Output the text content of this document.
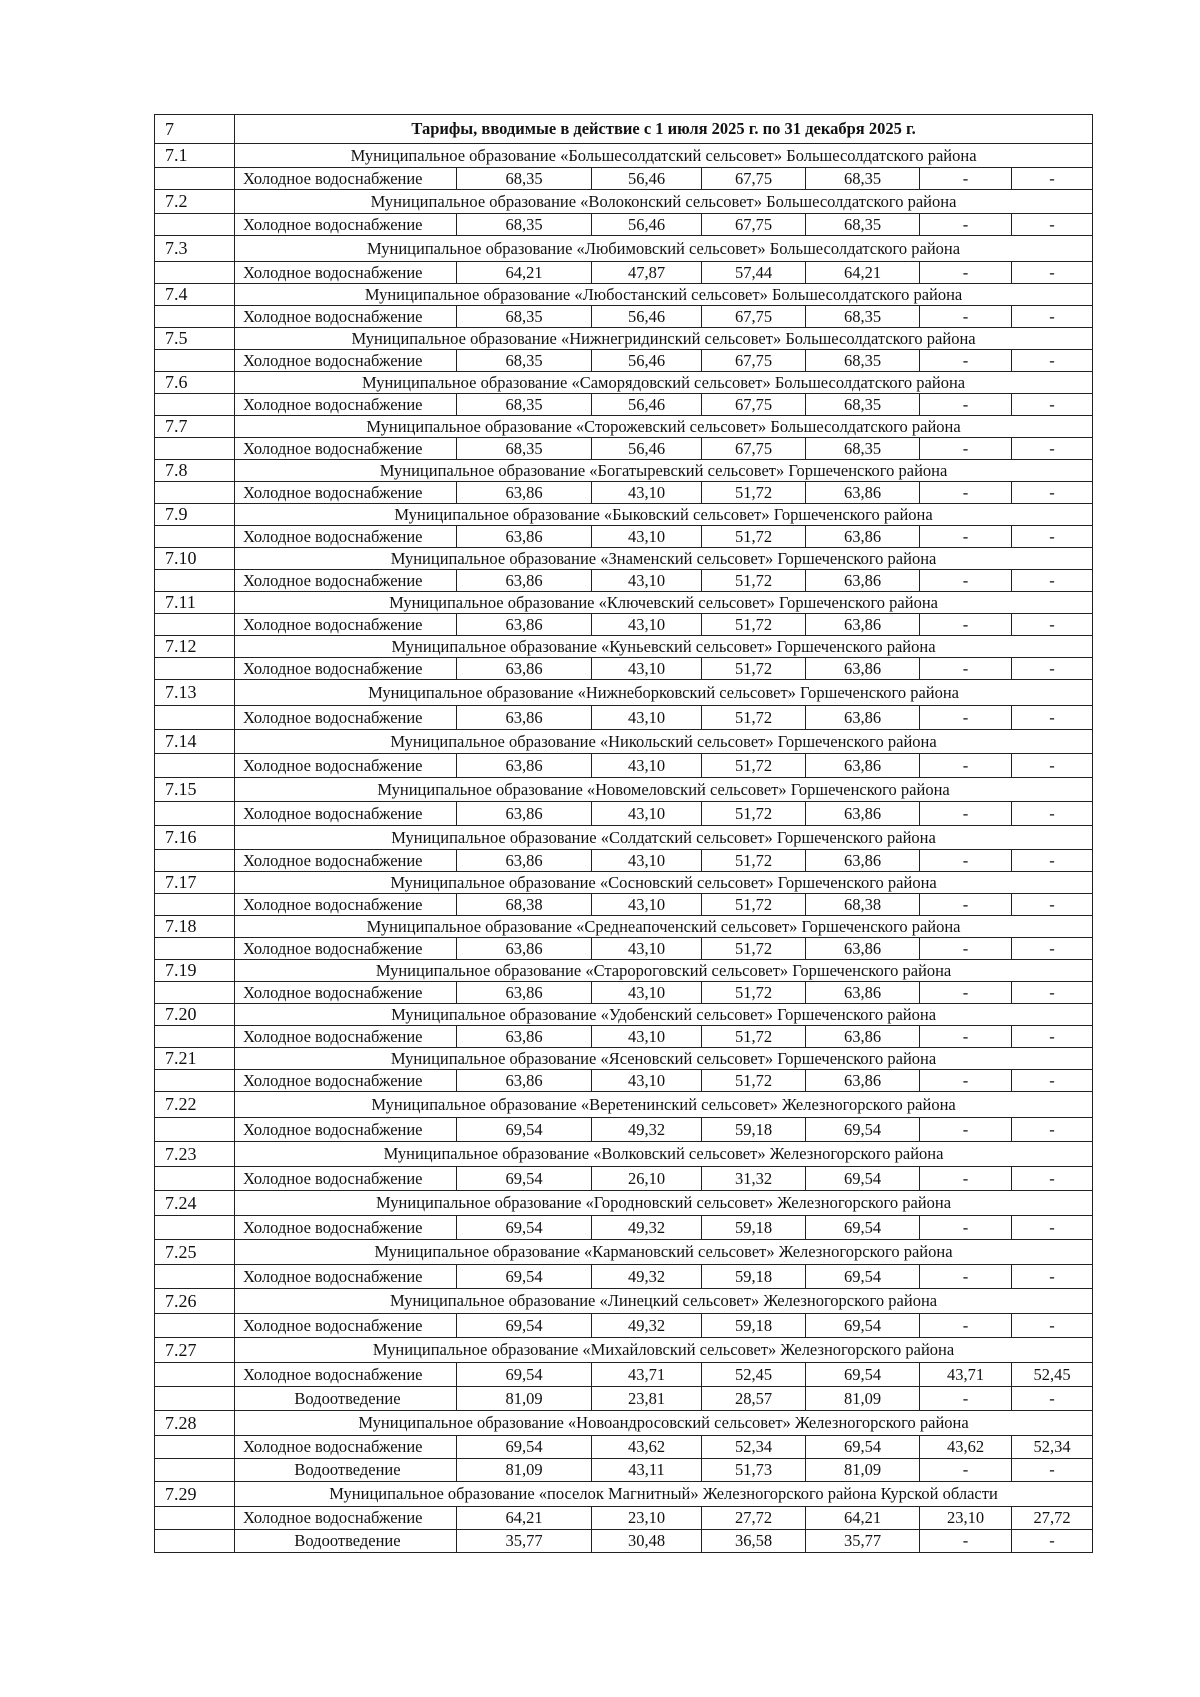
7	Тарифы, вводимые в действие с 1 июля 2025 г. по 31 декабря 2025 г.						
7.1	Муниципальное образование «Большесолдатский сельсовет» Большесолдатского района						
	Холодное водоснабжение	68,35	56,46	67,75	68,35	-	-
7.2	Муниципальное образование «Волоконский сельсовет» Большесолдатского района						
	Холодное водоснабжение	68,35	56,46	67,75	68,35	-	-
7.3	Муниципальное образование «Любимовский сельсовет» Большесолдатского района						
	Холодное водоснабжение	64,21	47,87	57,44	64,21	-	-
7.4	Муниципальное образование «Любостанский сельсовет» Большесолдатского района						
	Холодное водоснабжение	68,35	56,46	67,75	68,35	-	-
7.5	Муниципальное образование «Нижнегридинский сельсовет» Большесолдатского района						
	Холодное водоснабжение	68,35	56,46	67,75	68,35	-	-
7.6	Муниципальное образование «Саморядовский сельсовет» Большесолдатского района						
	Холодное водоснабжение	68,35	56,46	67,75	68,35	-	-
7.7	Муниципальное образование «Сторожевский сельсовет» Большесолдатского района						
	Холодное водоснабжение	68,35	56,46	67,75	68,35	-	-
7.8	Муниципальное образование «Богатыревский сельсовет» Горшеченского района						
	Холодное водоснабжение	63,86	43,10	51,72	63,86	-	-
7.9	Муниципальное образование «Быковский сельсовет» Горшеченского района						
	Холодное водоснабжение	63,86	43,10	51,72	63,86	-	-
7.10	Муниципальное образование «Знаменский сельсовет» Горшеченского района						
	Холодное водоснабжение	63,86	43,10	51,72	63,86	-	-
7.11	Муниципальное образование «Ключевский сельсовет» Горшеченского района						
	Холодное водоснабжение	63,86	43,10	51,72	63,86	-	-
7.12	Муниципальное образование «Куньевский сельсовет» Горшеченского района						
	Холодное водоснабжение	63,86	43,10	51,72	63,86	-	-
7.13	Муниципальное образование «Нижнеборковский сельсовет» Горшеченского района						
	Холодное водоснабжение	63,86	43,10	51,72	63,86	-	-
7.14	Муниципальное образование «Никольский сельсовет» Горшеченского района						
	Холодное водоснабжение	63,86	43,10	51,72	63,86	-	-
7.15	Муниципальное образование «Новомеловский сельсовет» Горшеченского района						
	Холодное водоснабжение	63,86	43,10	51,72	63,86	-	-
7.16	Муниципальное образование «Солдатский сельсовет» Горшеченского района						
	Холодное водоснабжение	63,86	43,10	51,72	63,86	-	-
7.17	Муниципальное образование «Сосновский сельсовет» Горшеченского района						
	Холодное водоснабжение	68,38	43,10	51,72	68,38	-	-
7.18	Муниципальное образование «Среднеапоченский сельсовет» Горшеченского района						
	Холодное водоснабжение	63,86	43,10	51,72	63,86	-	-
7.19	Муниципальное образование «Старороговский сельсовет» Горшеченского района						
	Холодное водоснабжение	63,86	43,10	51,72	63,86	-	-
7.20	Муниципальное образование «Удобенский сельсовет» Горшеченского района						
	Холодное водоснабжение	63,86	43,10	51,72	63,86	-	-
7.21	Муниципальное образование «Ясеновский сельсовет» Горшеченского района						
	Холодное водоснабжение	63,86	43,10	51,72	63,86	-	-
7.22	Муниципальное образование «Веретенинский сельсовет» Железногорского района						
	Холодное водоснабжение	69,54	49,32	59,18	69,54	-	-
7.23	Муниципальное образование «Волковский сельсовет» Железногорского района						
	Холодное водоснабжение	69,54	26,10	31,32	69,54	-	-
7.24	Муниципальное образование «Городновский сельсовет» Железногорского района						
	Холодное водоснабжение	69,54	49,32	59,18	69,54	-	-
7.25	Муниципальное образование «Кармановский сельсовет» Железногорского района						
	Холодное водоснабжение	69,54	49,32	59,18	69,54	-	-
7.26	Муниципальное образование «Линецкий сельсовет» Железногорского района						
	Холодное водоснабжение	69,54	49,32	59,18	69,54	-	-
7.27	Муниципальное образование «Михайловский сельсовет» Железногорского района						
	Холодное водоснабжение	69,54	43,71	52,45	69,54	43,71	52,45
	Водоотведение	81,09	23,81	28,57	81,09	-	-
7.28	Муниципальное образование «Новоандросовский сельсовет» Железногорского района						
	Холодное водоснабжение	69,54	43,62	52,34	69,54	43,62	52,34
	Водоотведение	81,09	43,11	51,73	81,09	-	-
7.29	Муниципальное образование «поселок Магнитный» Железногорского района Курской области						
	Холодное водоснабжение	64,21	23,10	27,72	64,21	23,10	27,72
	Водоотведение	35,77	30,48	36,58	35,77	-	-
